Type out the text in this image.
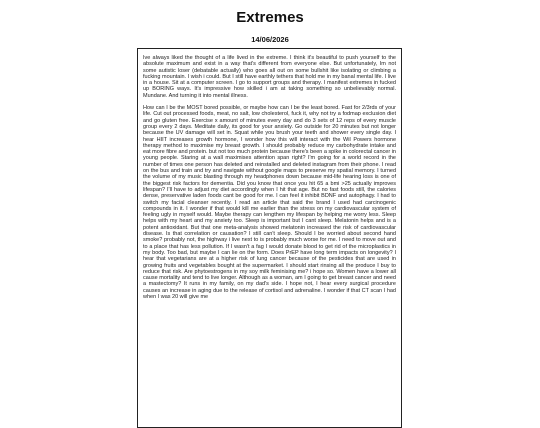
Extremes
14/06/2026

Ive always liked the thought of a life lived in the extreme. I think it's beautiful to push yourself to the absolute maximum and exist in a way that's different from everyone else. But unfortunately, Im not some autistic loser (debatable actually) who goes all out on some bullshit like isolating or climbing a fucking mountain. I wish i could. But I still have earthly tethers that hold me in my banal mental life. I live in a house. Sit at a computer screen. I go to support groups and therapy. I manifest extremes in fucked up BORING ways. It's impressive how skilled i am at taking something so unbelievably normal. Mundane. And turning it into mental illness.

How can I be the MOST bored possible, or maybe how can I be the least bored. Fast for 2/3rds of your life. Cut out processed foods, meat, no salt, low cholesterol, fuck it, why not try a fodmap exclusion diet and go gluten free. Exercise x amount of minutes every day and do 3 sets of 12 reps of every muscle group every 2 days. Meditate daily, its good for your anxiety. Go outside for 20 minutes but not longer because the UV damage will set in. Squat while you brush your teeth and shower every single day. I hear HIIT increases growth hormone, I wonder how this will interact with the Wil Powers hormone therapy method to maximise my breast growth. I should probably reduce my carbohydrate intake and eat more fibre and protein. but not too much protein because there's been a spike in colorectal cancer in young people. Staring at a wall maximises attention span right? I'm going for a world record in the number of times one person has deleted and reinstalled and deleted instagram from their phone. I read on the bus and train and try and navigate without google maps to preserve my spatial memory. I turned the volume of my music blasting through my headphones down because mid-life hearing loss is one of the biggest risk factors for dementia. Did you know that once you hit 65 a bmi >25 actually improves lifespan? I'll have to adjust my diet accordingly when I hit that age. But no fast foods still, the calories dense, preservative laden foods cant be good for me. I can feel it inhibit BDNF and autophagy. I had to switch my facial cleanser recently. I read an article that said the brand I used had carcinogenic compounds in it. I wonder if that would kill me earlier than the stress on my cardiovascular system of feeling ugly in myself would. Maybe therapy can lengthen my lifespan by helping me worry less. Sleep helps with my heart and my anxiety too. Sleep is important but I cant sleep. Melatonin helps and is a potent antioxidant. But that one meta-analysis showed melatonin increased the risk of cardiovascular disease. Is that correlation or causation? I still can't sleep. Should I be worried about second hand smoke? probably not, the highway i live next to is probably much worse for me. I need to move out and to a place that has less pollution. If I wasn't a fag I would donate blood to get rid of the microplastics in my body. Too bad, but maybe I can lie on the form. Does PrEP have long term impacts on longevity? I hear that vegetarians are at a higher risk of lung cancer because of the pesticides that are used in growing fruits and vegetables bought at the supermarket. I should start rinsing all the produce I buy to reduce that risk. Are phytoestrogens in my soy milk feminising me? i hope so. Women have a lower all cause mortality and tend to live longer. Although as a woman, am I going to get breast cancer and need a mastectomy? It runs in my family, on my dad's side. I hope not, I hear every surgical procedure causes an increase in aging due to the release of cortisol and adrenaline. I wonder if that CT scan I had when I was 20 will give me
